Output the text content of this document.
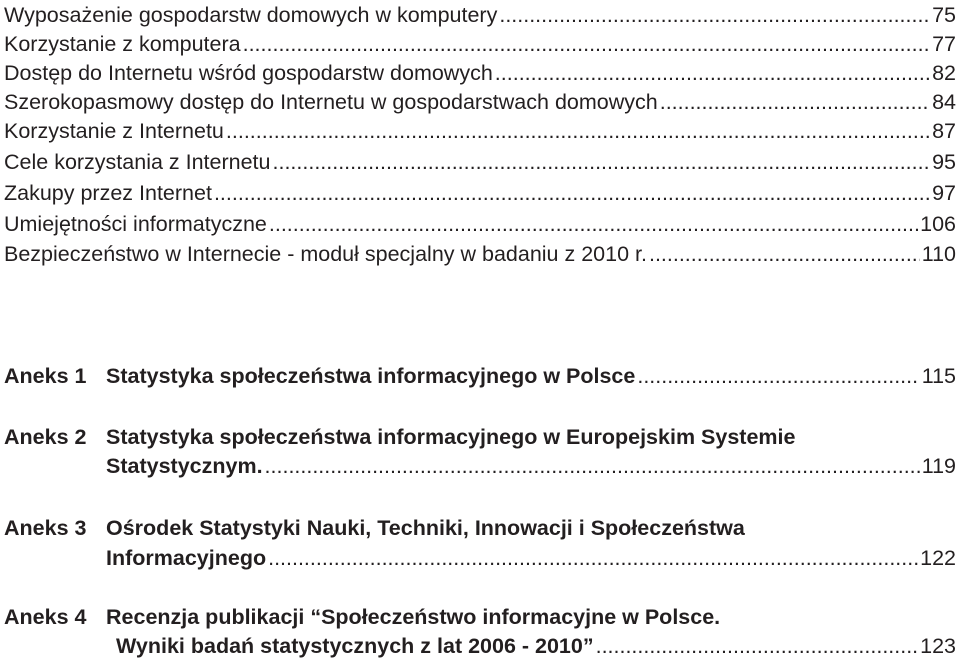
Wyposażenie gospodarstw domowych w komputery .....	75
Korzystanie z komputera .....	77
Dostęp do Internetu wśród gospodarstw domowych .....	82
Szerokopasmowy dostęp do Internetu w gospodarstwach domowych .....	84
Korzystanie z Internetu .....	87
Cele korzystania z Internetu .....	95
Zakupy przez Internet .....	97
Umiejętności informatyczne .....	106
Bezpieczeństwo w Internecie - moduł specjalny w badaniu z 2010 r. .....	110
Aneks 1 Statystyka społeczeństwa informacyjnego w Polsce .....	115
Aneks 2 Statystyka społeczeństwa informacyjnego w Europejskim Systemie
Statystycznym. .....	119
Aneks 3 Ośrodek Statystyki Nauki, Techniki, Innowacji i Społeczeństwa
Informacyjnego .....	122
Aneks 4 Recenzja publikacji “Społeczeństwo informacyjne w Polsce.
Wyniki badań statystycznych z lat 2006 - 2010” .....	123
